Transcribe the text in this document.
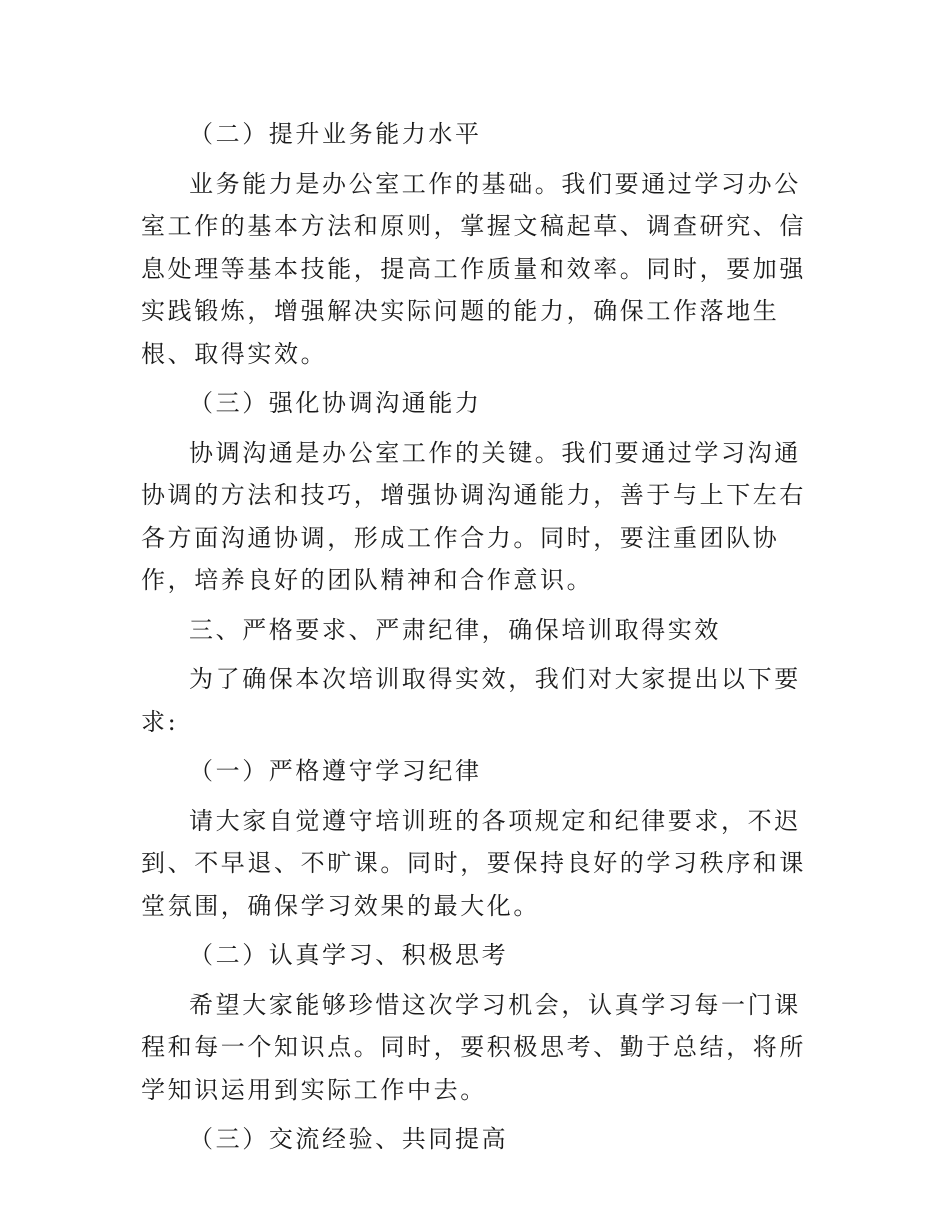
（二）提升业务能力水平

业务能力是办公室工作的基础。我们要通过学习办公室工作的基本方法和原则，掌握文稿起草、调查研究、信息处理等基本技能，提高工作质量和效率。同时，要加强实践锻炼，增强解决实际问题的能力，确保工作落地生根、取得实效。

（三）强化协调沟通能力

协调沟通是办公室工作的关键。我们要通过学习沟通协调的方法和技巧，增强协调沟通能力，善于与上下左右各方面沟通协调，形成工作合力。同时，要注重团队协作，培养良好的团队精神和合作意识。

三、严格要求、严肃纪律，确保培训取得实效

为了确保本次培训取得实效，我们对大家提出以下要求:

（一）严格遵守学习纪律

请大家自觉遵守培训班的各项规定和纪律要求，不迟到、不早退、不旷课。同时，要保持良好的学习秩序和课堂氛围，确保学习效果的最大化。

（二）认真学习、积极思考

希望大家能够珍惜这次学习机会，认真学习每一门课程和每一个知识点。同时，要积极思考、勤于总结，将所学知识运用到实际工作中去。

（三）交流经验、共同提高
